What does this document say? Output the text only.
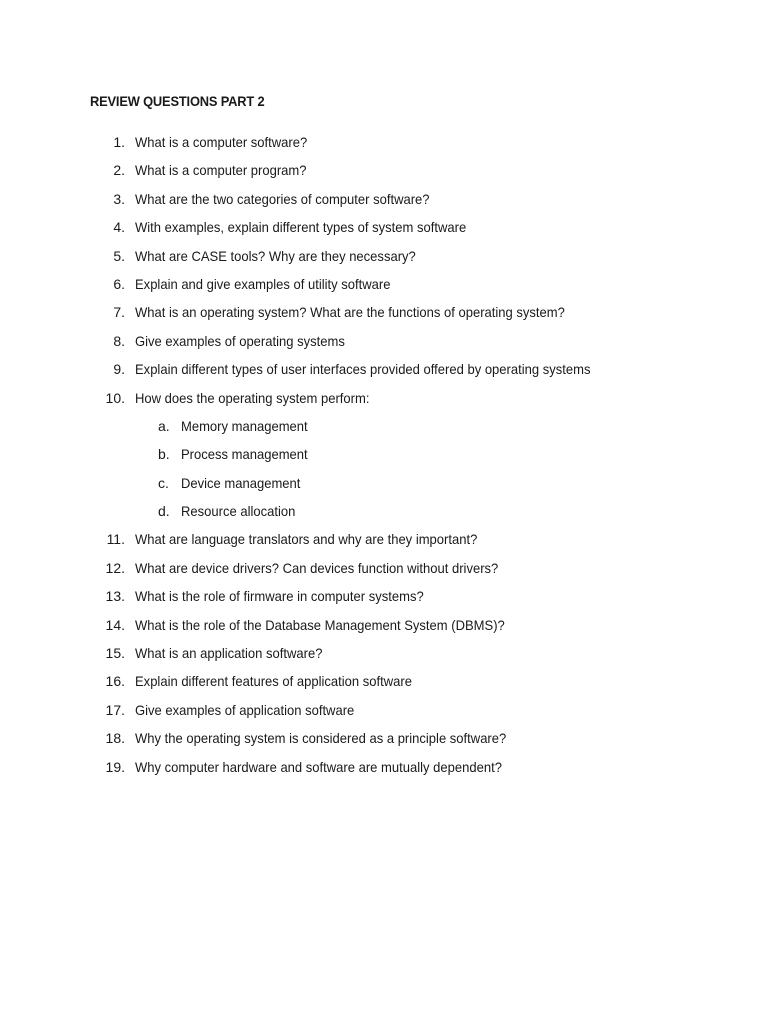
REVIEW QUESTIONS PART 2
1. What is a computer software?
2. What is a computer program?
3. What are the two categories of computer software?
4. With examples, explain different types of system software
5. What are CASE tools? Why are they necessary?
6. Explain and give examples of utility software
7. What is an operating system? What are the functions of operating system?
8. Give examples of operating systems
9. Explain different types of user interfaces provided offered by operating systems
10. How does the operating system perform:
a. Memory management
b. Process management
c. Device management
d. Resource allocation
11. What are language translators and why are they important?
12. What are device drivers? Can devices function without drivers?
13. What is the role of firmware in computer systems?
14. What is the role of the Database Management System (DBMS)?
15. What is an application software?
16. Explain different features of application software
17. Give examples of application software
18. Why the operating system is considered as a principle software?
19. Why computer hardware and software are mutually dependent?
